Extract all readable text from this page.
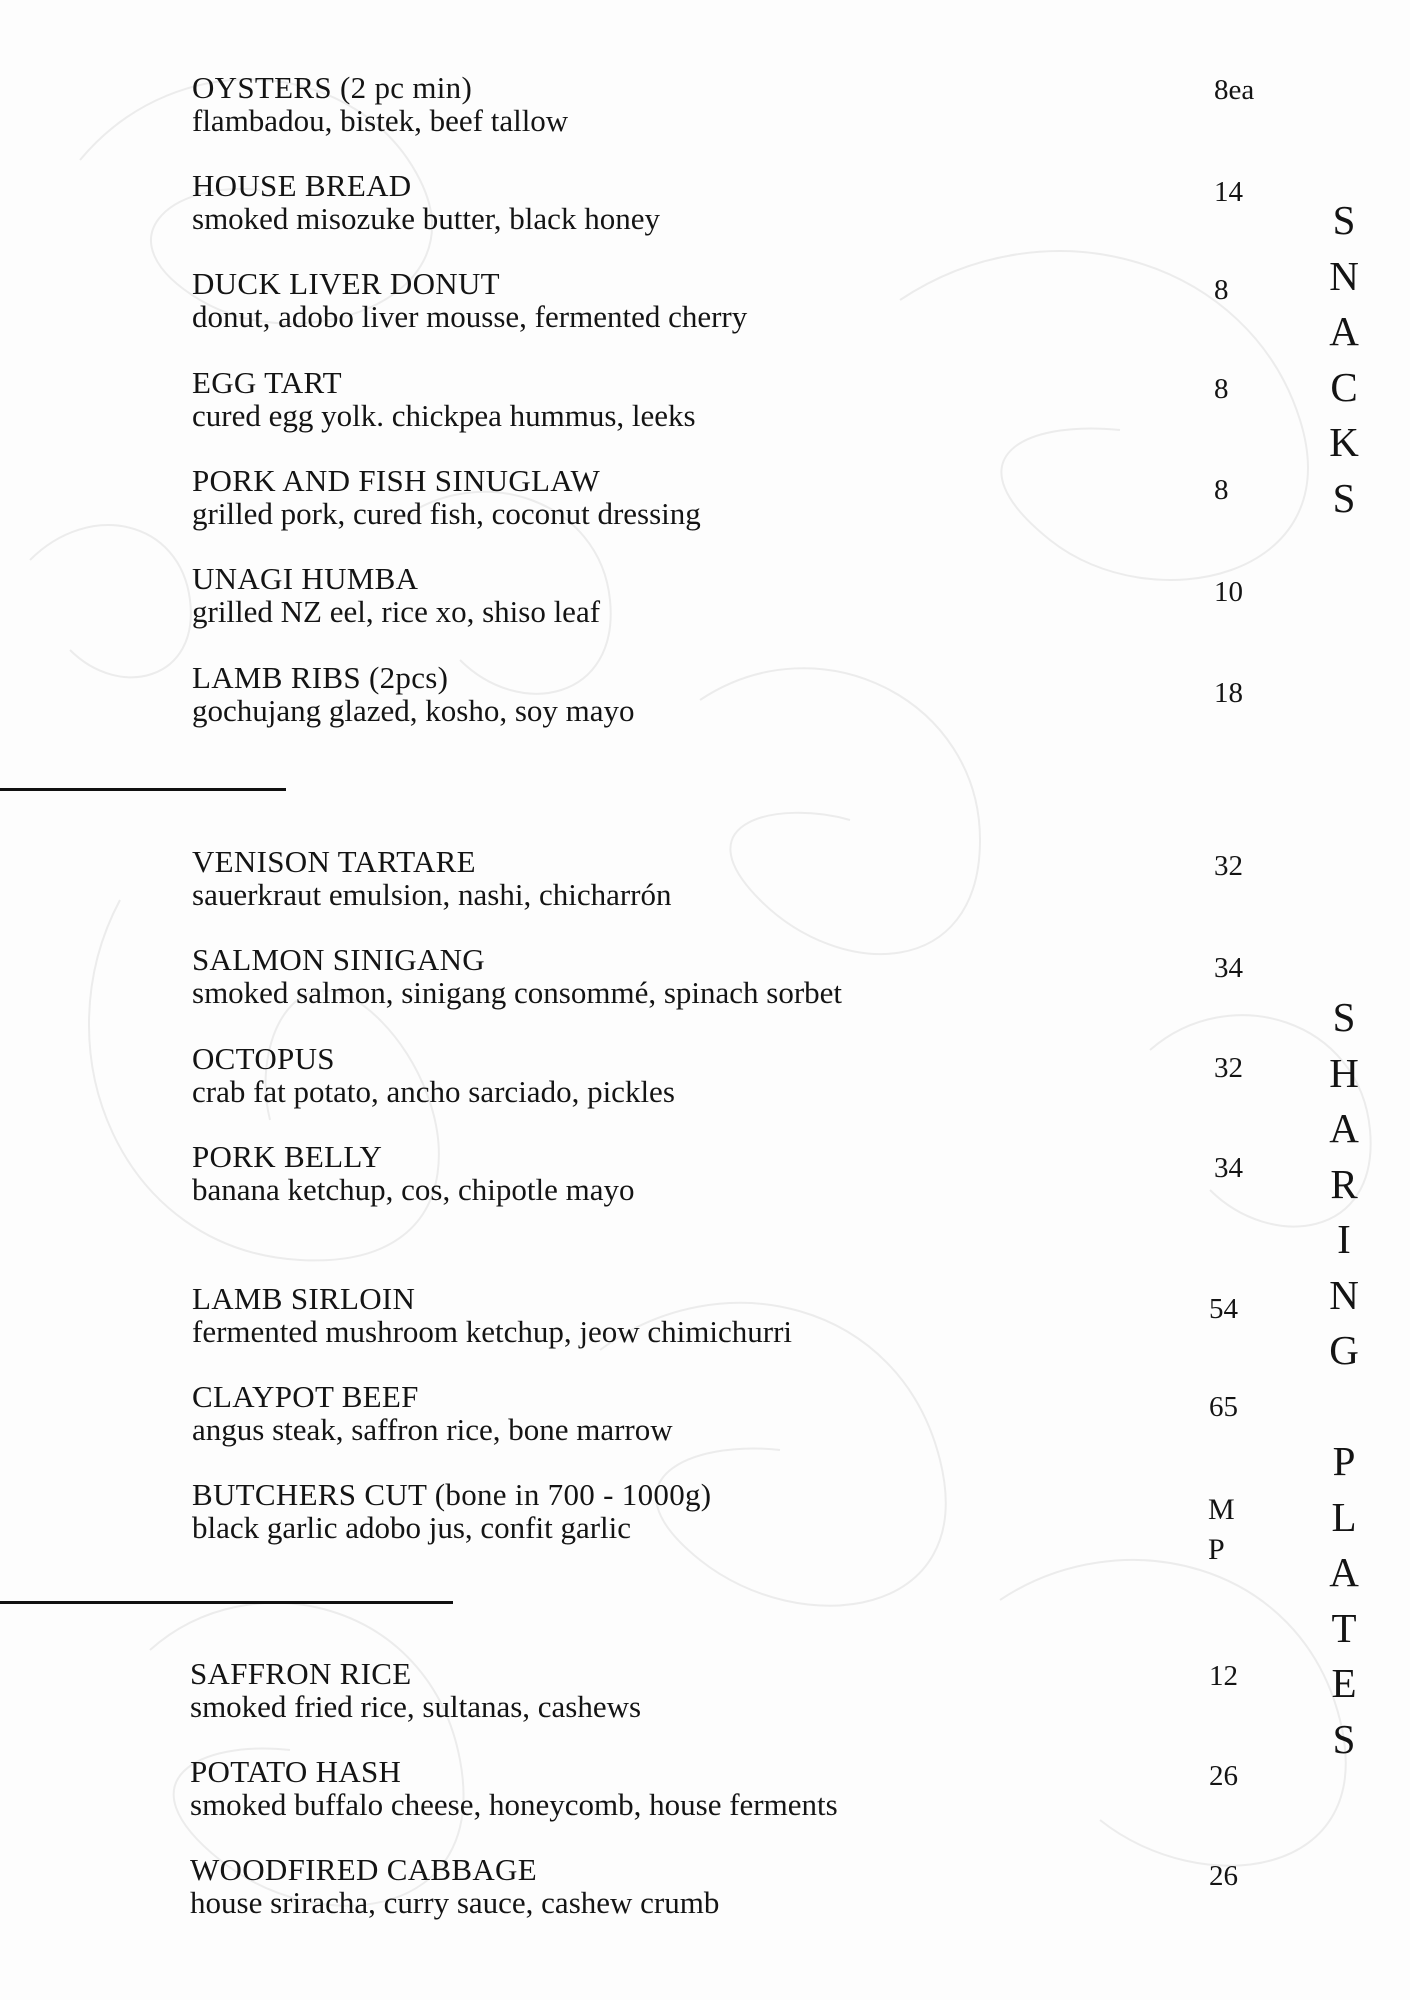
OYSTERS (2 pc min)
flambadou, bistek, beef tallow
8ea
HOUSE BREAD
smoked misozuke butter, black honey
14
DUCK LIVER DONUT
donut, adobo liver mousse, fermented cherry
8
EGG TART
cured egg yolk. chickpea hummus, leeks
8
PORK AND FISH SINUGLAW
grilled pork, cured fish, coconut dressing
8
UNAGI HUMBA
grilled NZ eel, rice xo, shiso leaf
10
LAMB RIBS (2pcs)
gochujang glazed, kosho, soy mayo	18
VENISON TARTARE
sauerkraut emulsion, nashi, chicharrón
32
SALMON SINIGANG
smoked salmon, sinigang consommé, spinach sorbet
34
OCTOPUS
crab fat potato, ancho sarciado, pickles
32
PORK BELLY
banana ketchup, cos, chipotle mayo
34
LAMB SIRLOIN
fermented mushroom ketchup, jeow chimichurri
54
CLAYPOT BEEF
angus steak, saffron rice, bone marrow
65
BUTCHERS CUT (bone in 700 - 1000g)
black garlic adobo jus, confit garlic
MP
SAFFRON RICE
smoked fried rice, sultanas, cashews
12
POTATO HASH
smoked buffalo cheese, honeycomb, house ferments
26
WOODFIRED CABBAGE
house sriracha, curry sauce, cashew crumb
26
S
N
A
C
K
S
S
H
A
R
I
N
G
P
L
A
T
E
S
